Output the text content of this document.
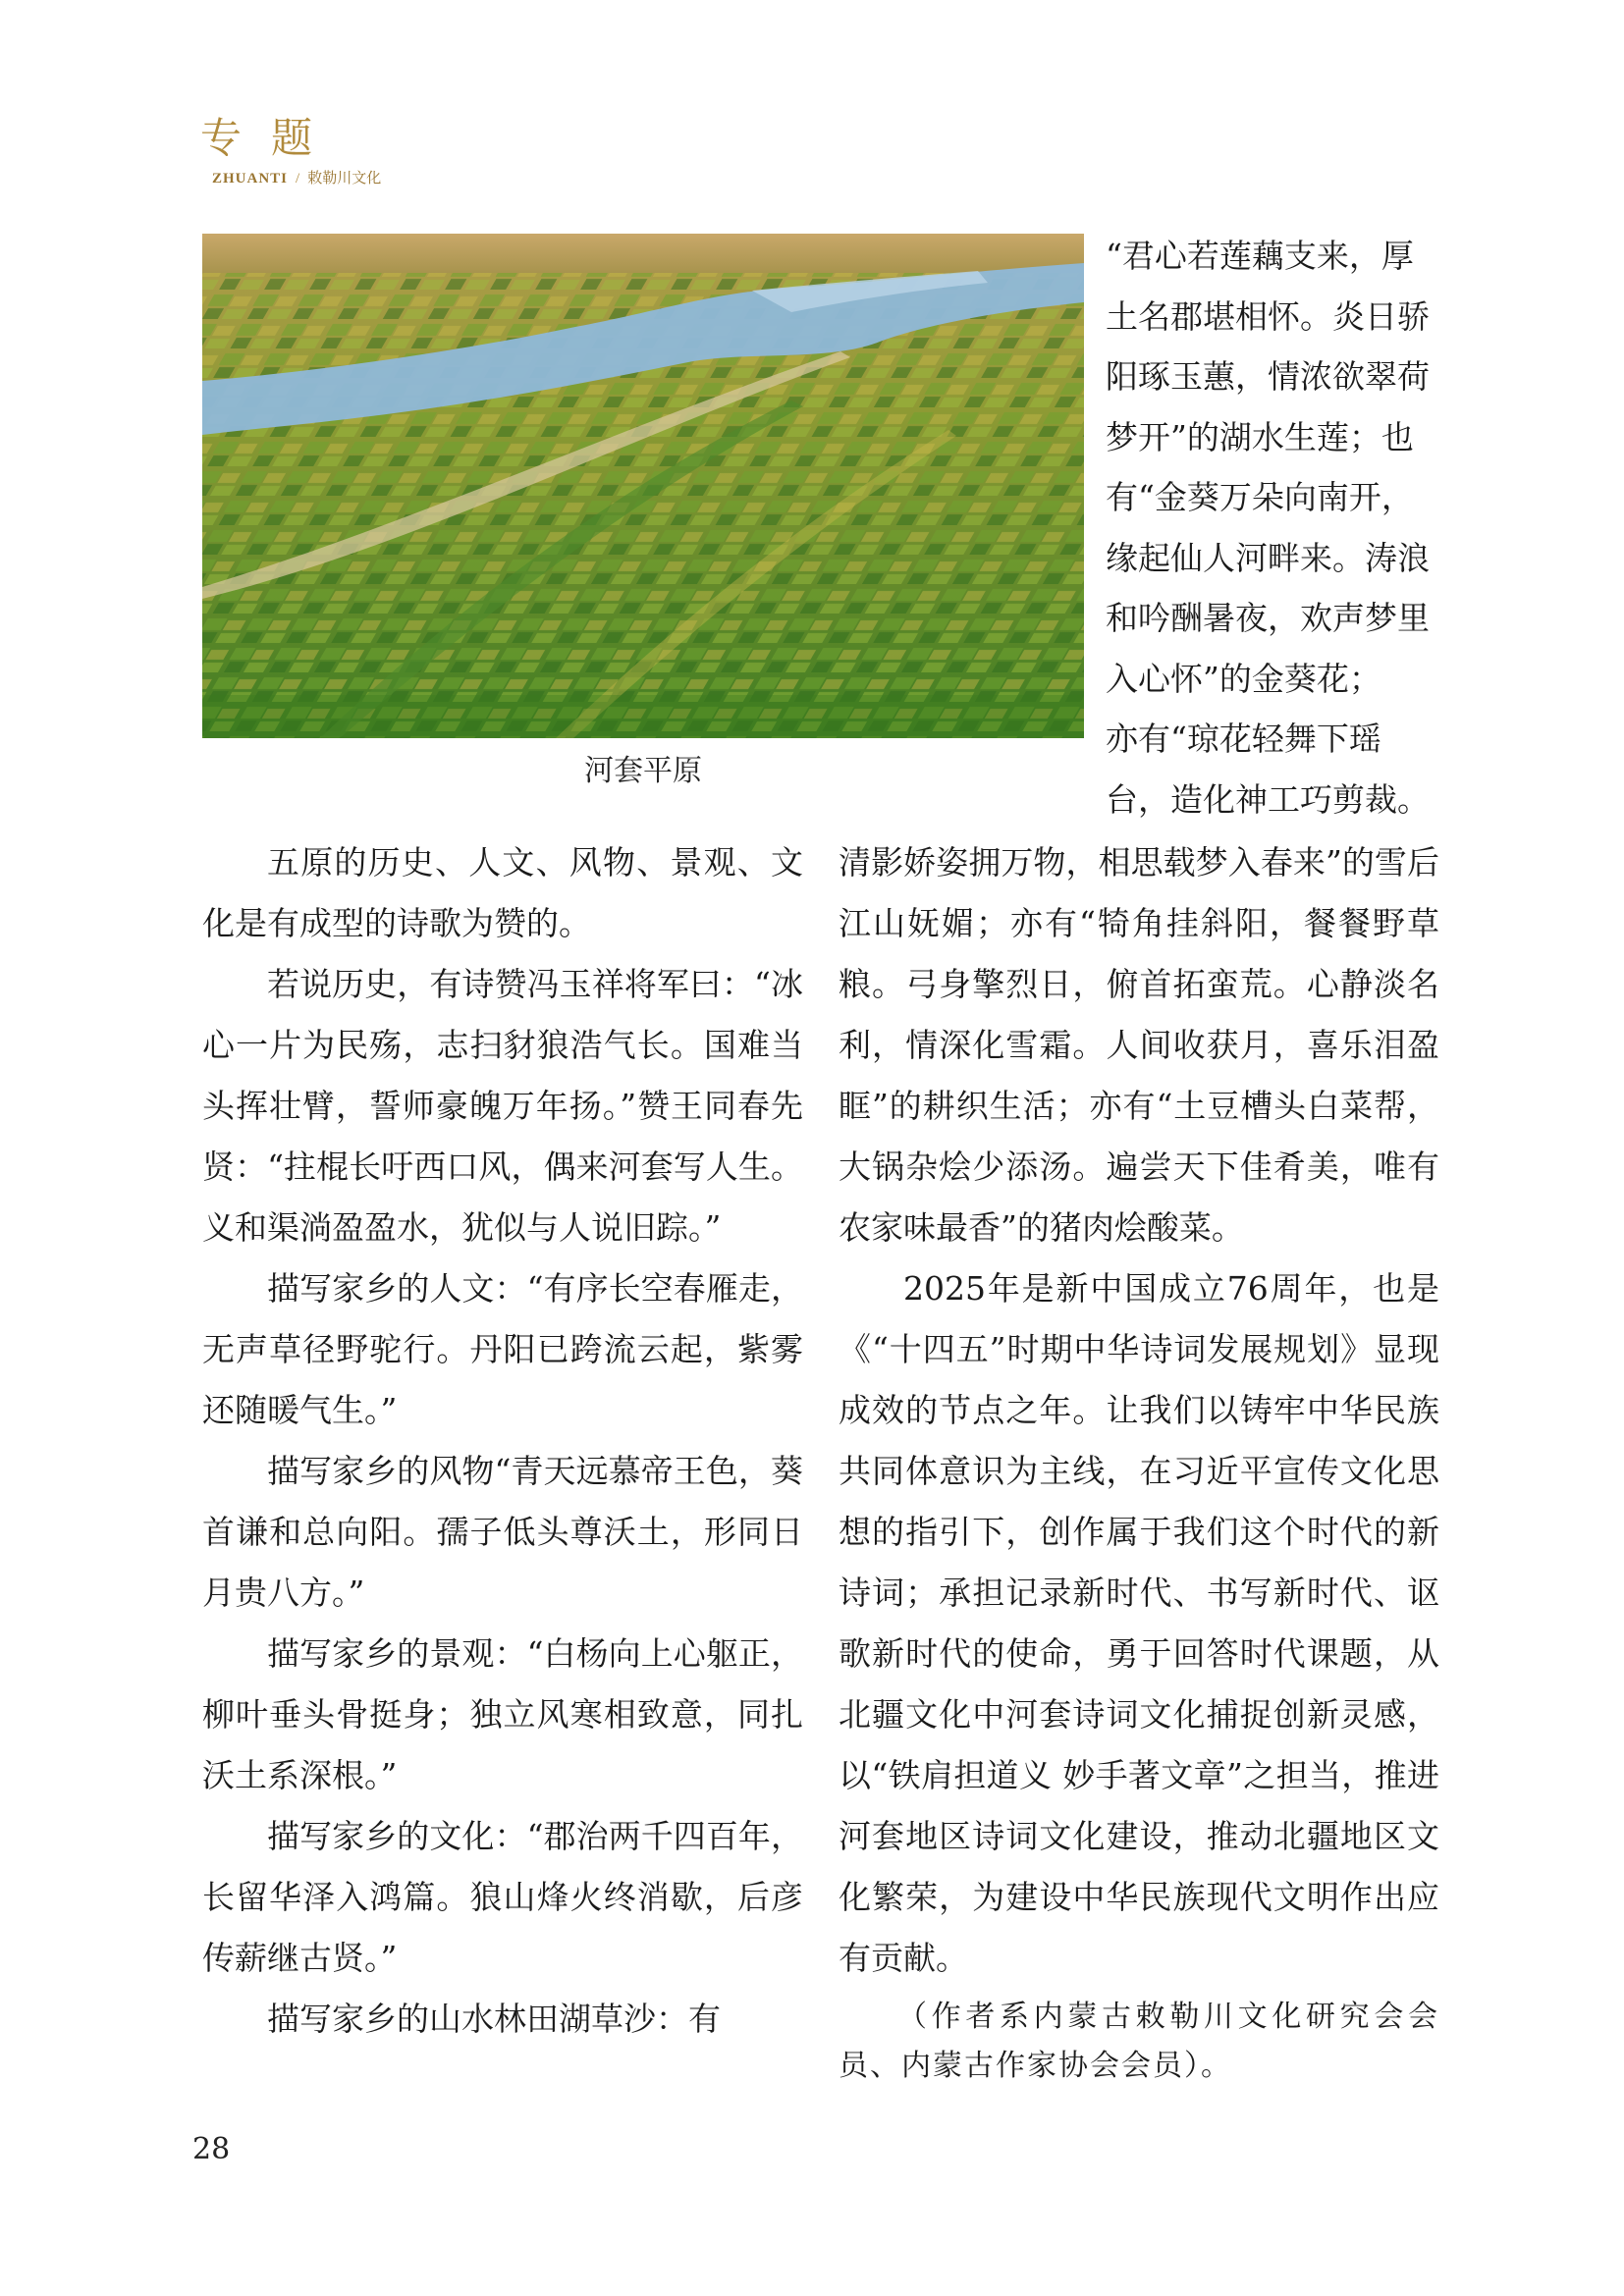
专题
ZHUANTI / 敕勒川文化
河套平原
“君心若莲藕支来，厚
土名郡堪相怀。炎日骄
阳琢玉蕙，情浓欲翠荷
梦开”的湖水生莲；也
有“金葵万朵向南开，
缘起仙人河畔来。涛浪
和吟酬暑夜，欢声梦里
入心怀”的金葵花；
亦有“琼花轻舞下瑶
台，造化神工巧剪裁。

五原的历史、人文、风物、景观、文化是有成型的诗歌为赞的。

若说历史，有诗赞冯玉祥将军曰：“冰心一片为民殇，志扫豺狼浩气长。国难当头挥壮臂，誓师豪魄万年扬。”赞王同春先贤：“拄棍长吁西口风，偶来河套写人生。义和渠淌盈盈水，犹似与人说旧踪。”

描写家乡的人文：“有序长空春雁走，无声草径野驼行。丹阳已跨流云起，紫雾还随暖气生。”

描写家乡的风物“青天远慕帝王色，葵首谦和总向阳。孺子低头尊沃土，形同日月贵八方。”

描写家乡的景观：“白杨向上心躯正，柳叶垂头骨挺身；独立风寒相致意，同扎沃土系深根。”

描写家乡的文化：“郡治两千四百年，长留华泽入鸿篇。狼山烽火终消歇，后彦传薪继古贤。”

描写家乡的山水林田湖草沙：有

清影娇姿拥万物，相思载梦入春来”的雪后江山妩媚；亦有“犄角挂斜阳，餐餐野草粮。弓身擎烈日，俯首拓蛮荒。心静淡名利，情深化雪霜。人间收获月，喜乐泪盈眶”的耕织生活；亦有“土豆槽头白菜帮，大锅杂烩少添汤。遍尝天下佳肴美，唯有农家味最香”的猪肉烩酸菜。

2025年是新中国成立76周年，也是《“十四五”时期中华诗词发展规划》显现成效的节点之年。让我们以铸牢中华民族共同体意识为主线，在习近平宣传文化思想的指引下，创作属于我们这个时代的新诗词；承担记录新时代、书写新时代、讴歌新时代的使命，勇于回答时代课题，从北疆文化中河套诗词文化捕捉创新灵感，以“铁肩担道义 妙手著文章”之担当，推进河套地区诗词文化建设，推动北疆地区文化繁荣，为建设中华民族现代文明作出应有贡献。

（作者系内蒙古敕勒川文化研究会会员、内蒙古作家协会会员）。

28
